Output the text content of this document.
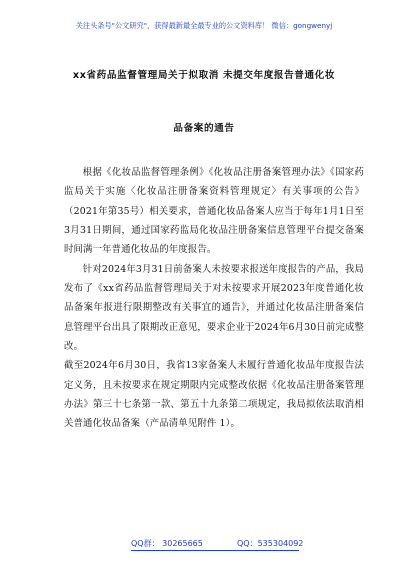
关注头条号"公文研究"，获得最新最全最专业的公文资料库！ 微信：gongwenyj
xx省药品监督管理局关于拟取消 未提交年度报告普通化妆
品备案的通告

根据《化妆品监督管理条例》《化妆品注册备案管理办法》《国家药监局关于实施〈化妆品注册备案资料管理规定〉有关事项的公告》（2021年第35号）相关要求，普通化妆品备案人应当于每年1月1日至3月31日期间，通过国家药监局化妆品注册备案信息管理平台提交备案时间满一年普通化妆品的年度报告。

针对2024年3月31日前备案人未按要求报送年度报告的产品，我局发布了《xx省药品监督管理局关于对未按要求开展2023年度普通化妆品备案年报进行限期整改有关事宜的通告》，并通过化妆品注册备案信息管理平台出具了限期改正意见，要求企业于2024年6月30日前完成整改。

截至2024年6月30日，我省13家备案人未履行普通化妆品年度报告法定义务，且未按要求在规定期限内完成整改依据《化妆品注册备案管理办法》第三十七条第一款、第五十九条第二项规定，我局拟依法取消相关普通化妆品备案（产品清单见附件 1）。

QQ群： 30265665	QQ：535304092
